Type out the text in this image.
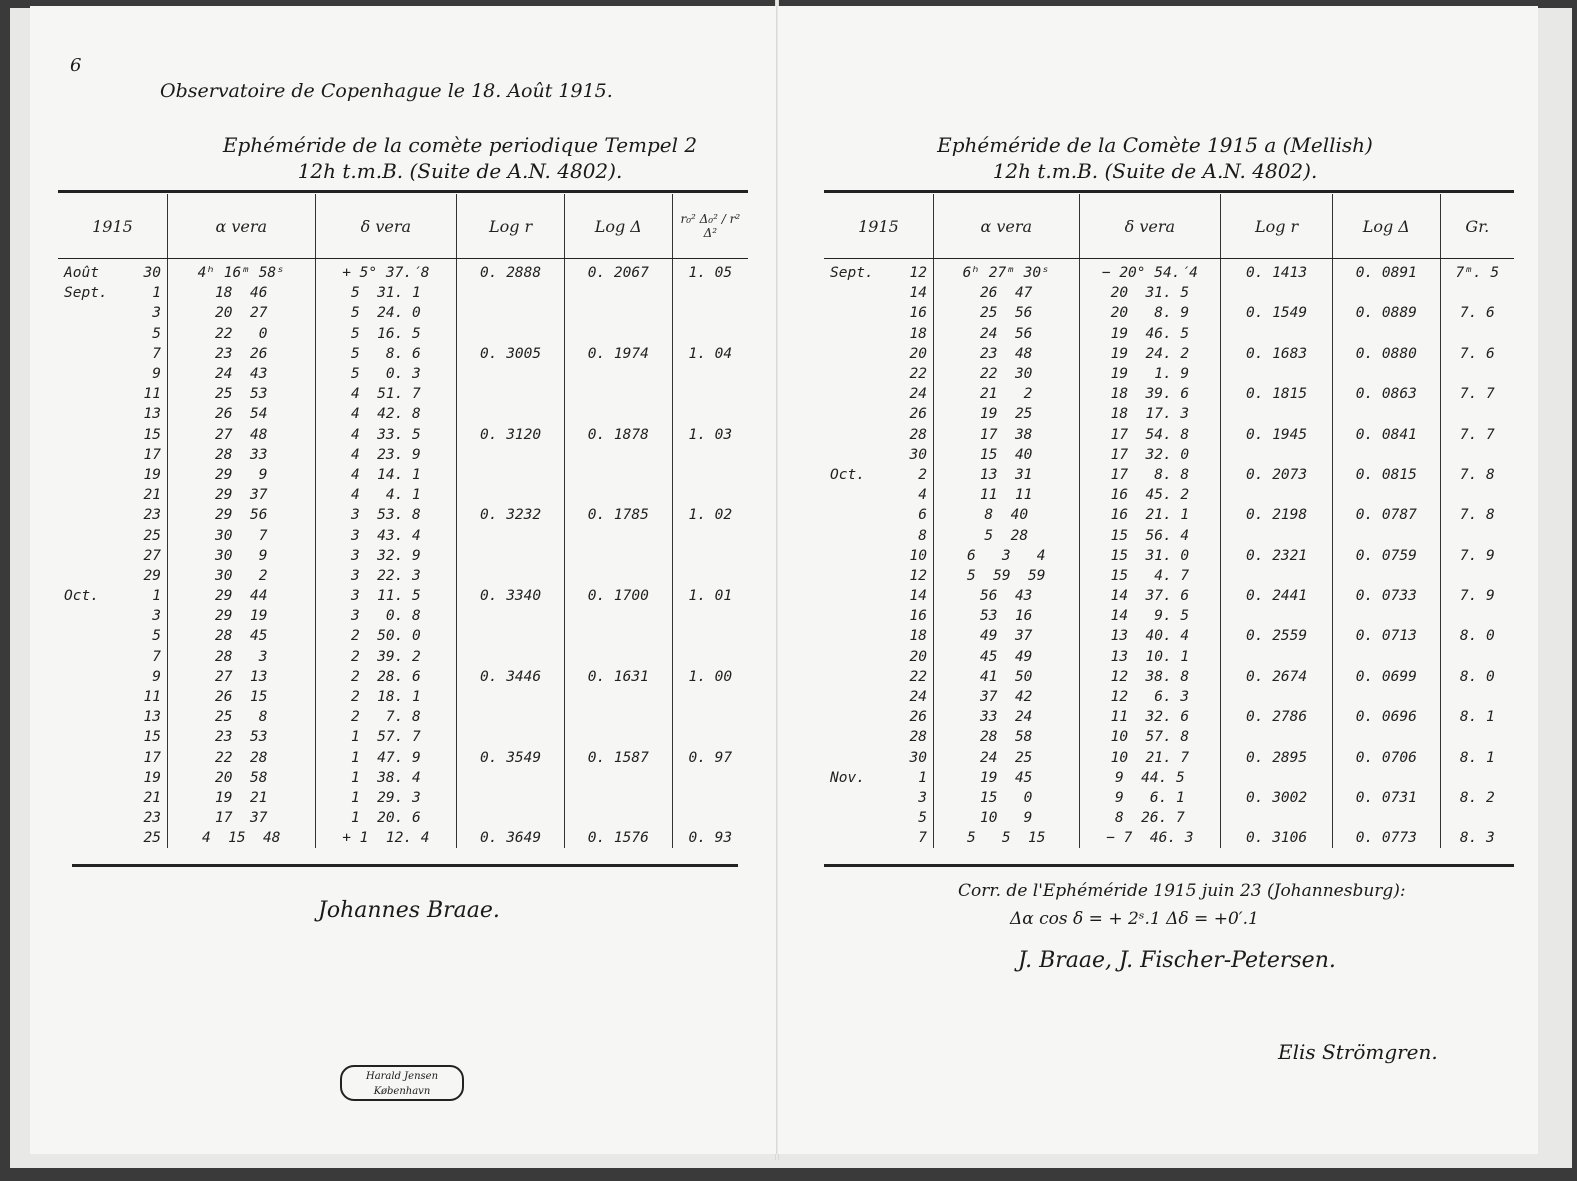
6
Observatoire de Copenhague le 18. Août 1915.
Ephéméride de la comète periodique Tempel 2
12h t.m.B. (Suite de A.N. 4802).
Ephéméride de la Comète 1915 a (Mellish)
12h t.m.B. (Suite de A.N. 4802).
1915		α vera	δ vera	Log r	Log Δ	r₀² Δ₀² / r² Δ²
Août	30	4ʰ 16ᵐ 58ˢ	+ 5° 37.′8	0. 2888	0. 2067	1. 05
Sept.	1	18  46	5  31. 1			
	3	20  27	5  24. 0			
	5	22   0	5  16. 5			
	7	23  26	5   8. 6	0. 3005	0. 1974	1. 04
	9	24  43	5   0. 3			
	11	25  53	4  51. 7			
	13	26  54	4  42. 8			
	15	27  48	4  33. 5	0. 3120	0. 1878	1. 03
	17	28  33	4  23. 9			
	19	29   9	4  14. 1			
	21	29  37	4   4. 1			
	23	29  56	3  53. 8	0. 3232	0. 1785	1. 02
	25	30   7	3  43. 4			
	27	30   9	3  32. 9			
	29	30   2	3  22. 3			
Oct.	1	29  44	3  11. 5	0. 3340	0. 1700	1. 01
	3	29  19	3   0. 8			
	5	28  45	2  50. 0			
	7	28   3	2  39. 2			
	9	27  13	2  28. 6	0. 3446	0. 1631	1. 00
	11	26  15	2  18. 1			
	13	25   8	2   7. 8			
	15	23  53	1  57. 7			
	17	22  28	1  47. 9	0. 3549	0. 1587	0. 97
	19	20  58	1  38. 4			
	21	19  21	1  29. 3			
	23	17  37	1  20. 6			
	25	4  15  48	+ 1  12. 4	0. 3649	0. 1576	0. 93
1915		α vera	δ vera	Log r	Log Δ	Gr.
Sept.	12	6ʰ 27ᵐ 30ˢ	− 20° 54.′4	0. 1413	0. 0891	7ᵐ. 5
	14	26  47	20  31. 5			
	16	25  56	20   8. 9	0. 1549	0. 0889	7. 6
	18	24  56	19  46. 5			
	20	23  48	19  24. 2	0. 1683	0. 0880	7. 6
	22	22  30	19   1. 9			
	24	21   2	18  39. 6	0. 1815	0. 0863	7. 7
	26	19  25	18  17. 3			
	28	17  38	17  54. 8	0. 1945	0. 0841	7. 7
	30	15  40	17  32. 0			
Oct.	2	13  31	17   8. 8	0. 2073	0. 0815	7. 8
	4	11  11	16  45. 2			
	6	8  40	16  21. 1	0. 2198	0. 0787	7. 8
	8	5  28	15  56. 4			
	10	6   3   4	15  31. 0	0. 2321	0. 0759	7. 9
	12	5  59  59	15   4. 7			
	14	56  43	14  37. 6	0. 2441	0. 0733	7. 9
	16	53  16	14   9. 5			
	18	49  37	13  40. 4	0. 2559	0. 0713	8. 0
	20	45  49	13  10. 1			
	22	41  50	12  38. 8	0. 2674	0. 0699	8. 0
	24	37  42	12   6. 3			
	26	33  24	11  32. 6	0. 2786	0. 0696	8. 1
	28	28  58	10  57. 8			
	30	24  25	10  21. 7	0. 2895	0. 0706	8. 1
Nov.	1	19  45	9  44. 5			
	3	15   0	9   6. 1	0. 3002	0. 0731	8. 2
	5	10   9	8  26. 7			
	7	5   5  15	− 7  46. 3	0. 3106	0. 0773	8. 3
Johannes Braae.
Corr. de l'Ephéméride 1915 juin 23 (Johannesburg):
Δα cos δ = + 2ˢ.1 Δδ = +0′.1
J. Braae, J. Fischer-Petersen.
Elis Strömgren.
Harald Jensen
København
